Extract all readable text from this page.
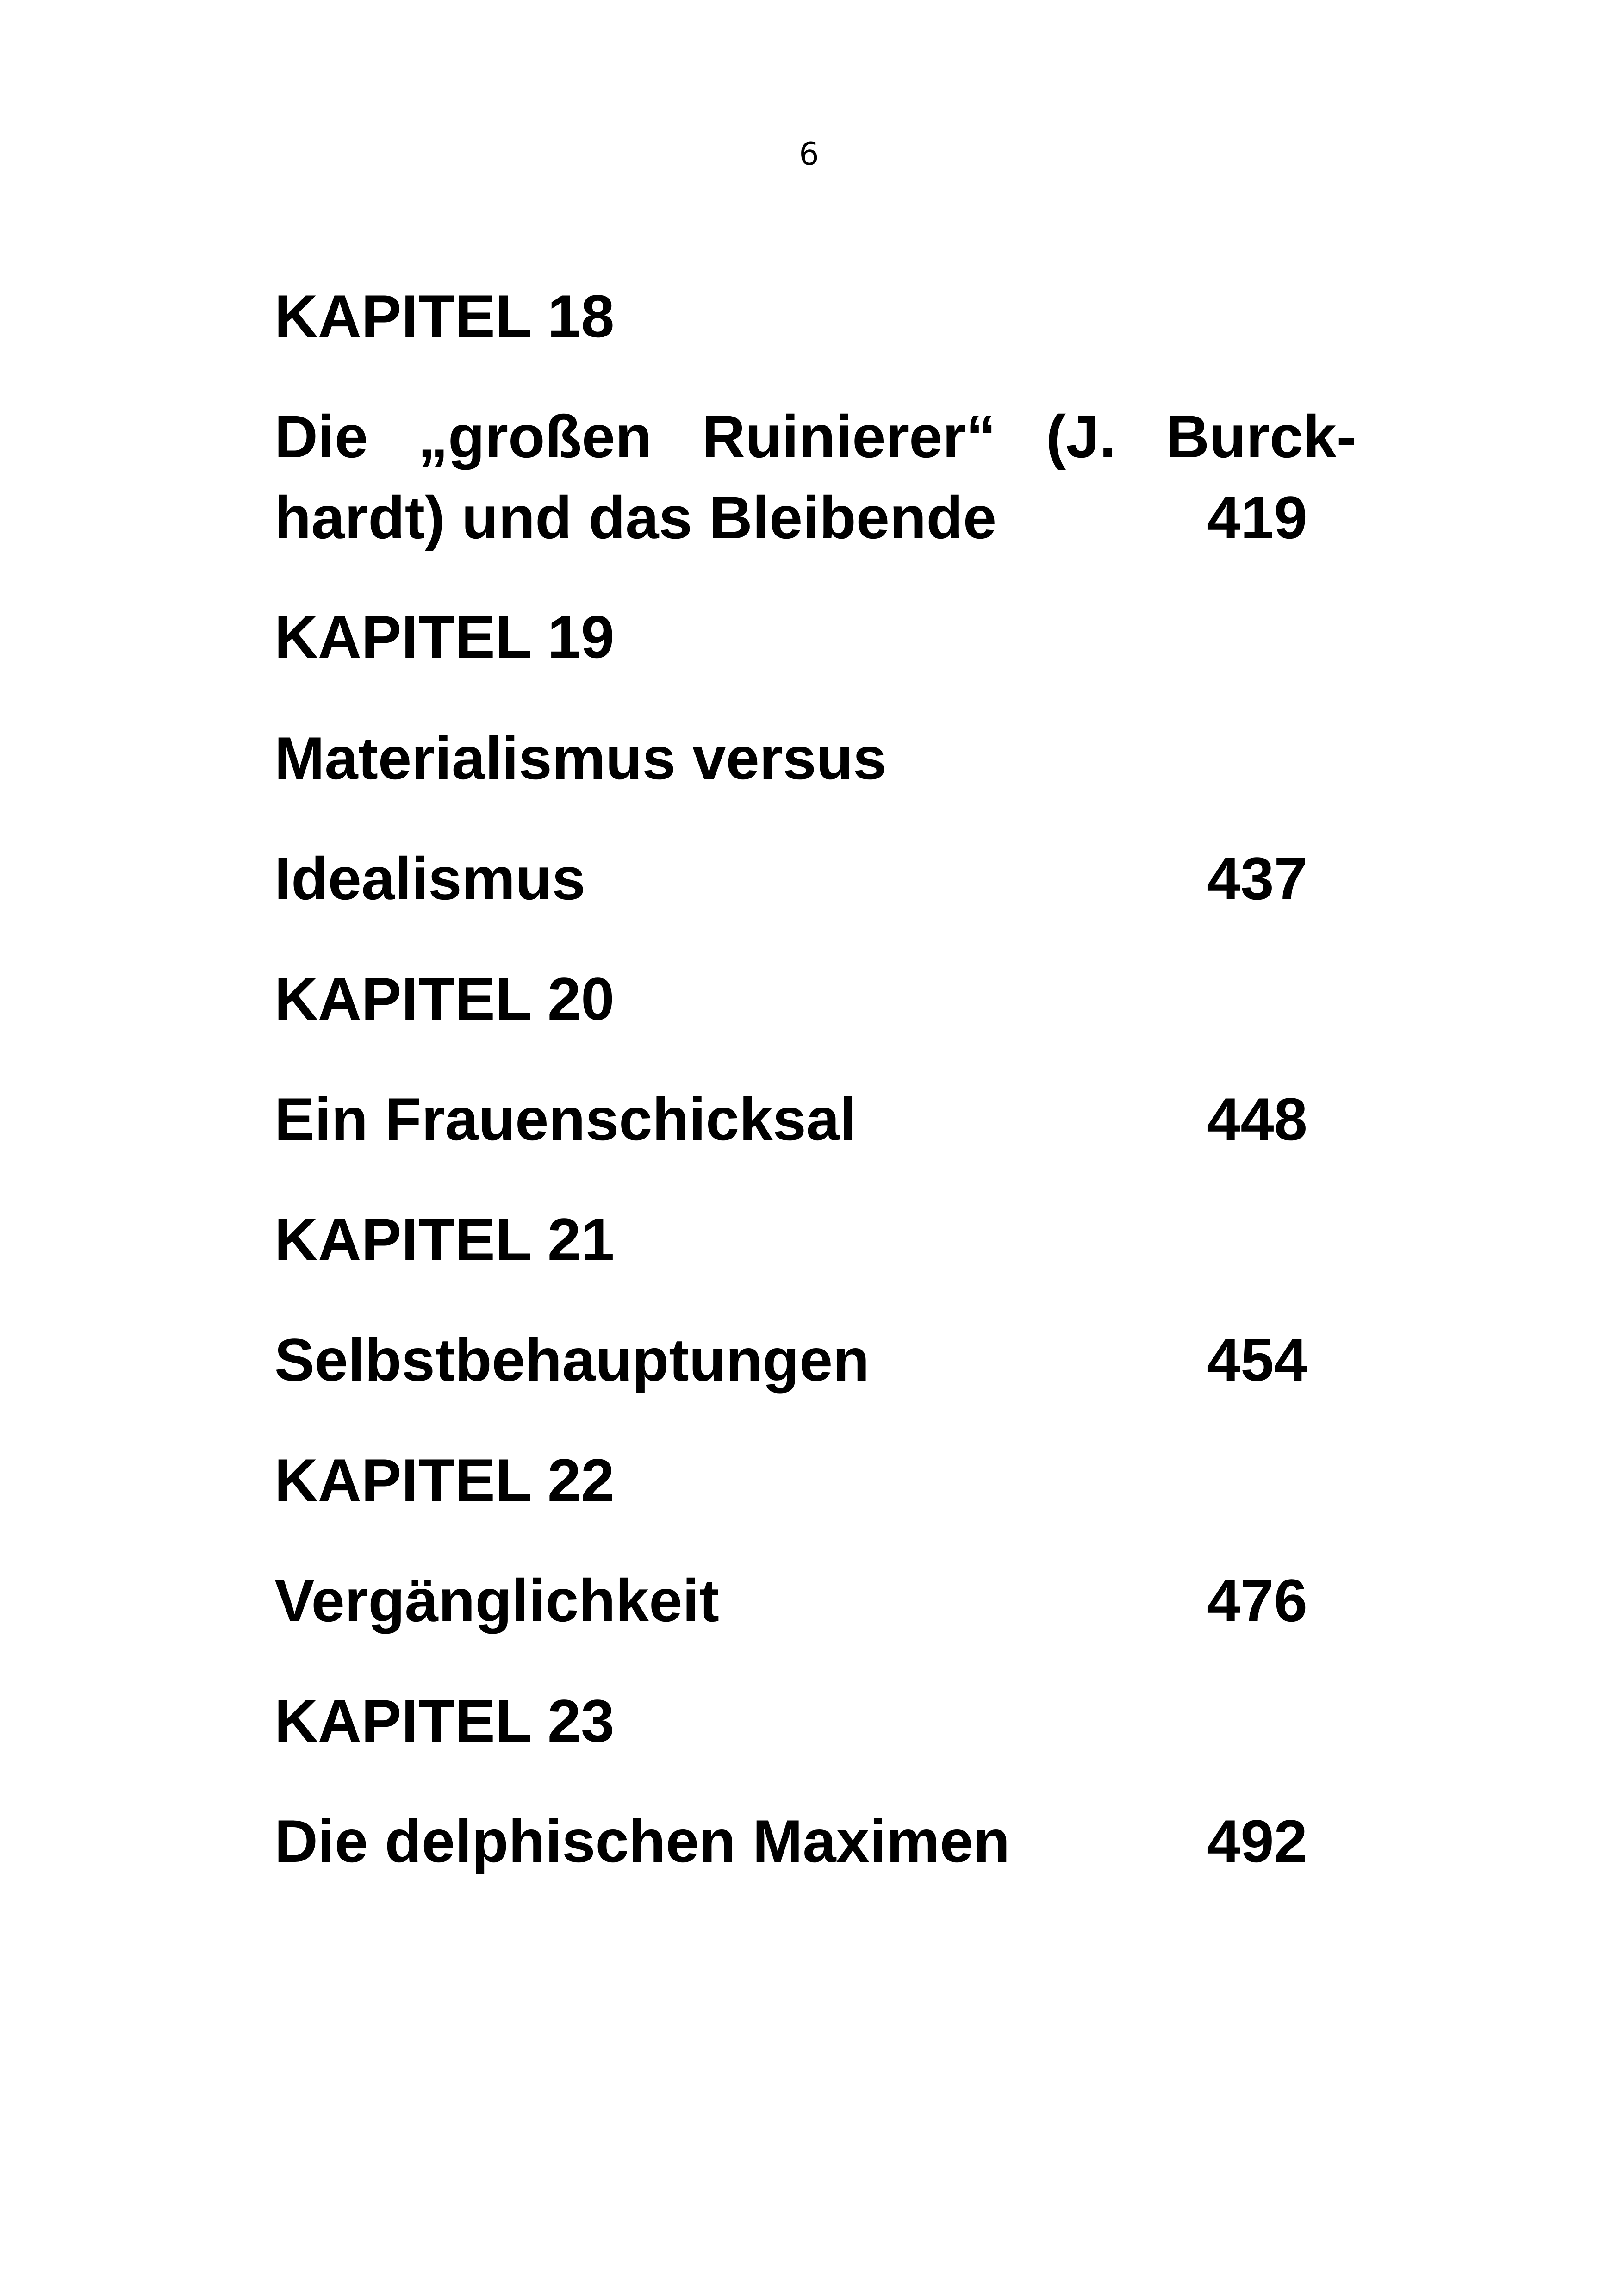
6
KAPITEL 18
Die „großen Ruinierer“ (J. Burck-
hardt) und das Bleibende	419
KAPITEL 19
Materialismus versus
Idealismus	437
KAPITEL 20
Ein Frauenschicksal	448
KAPITEL 21
Selbstbehauptungen	454
KAPITEL 22
Vergänglichkeit	476
KAPITEL 23
Die delphischen Maximen	492
